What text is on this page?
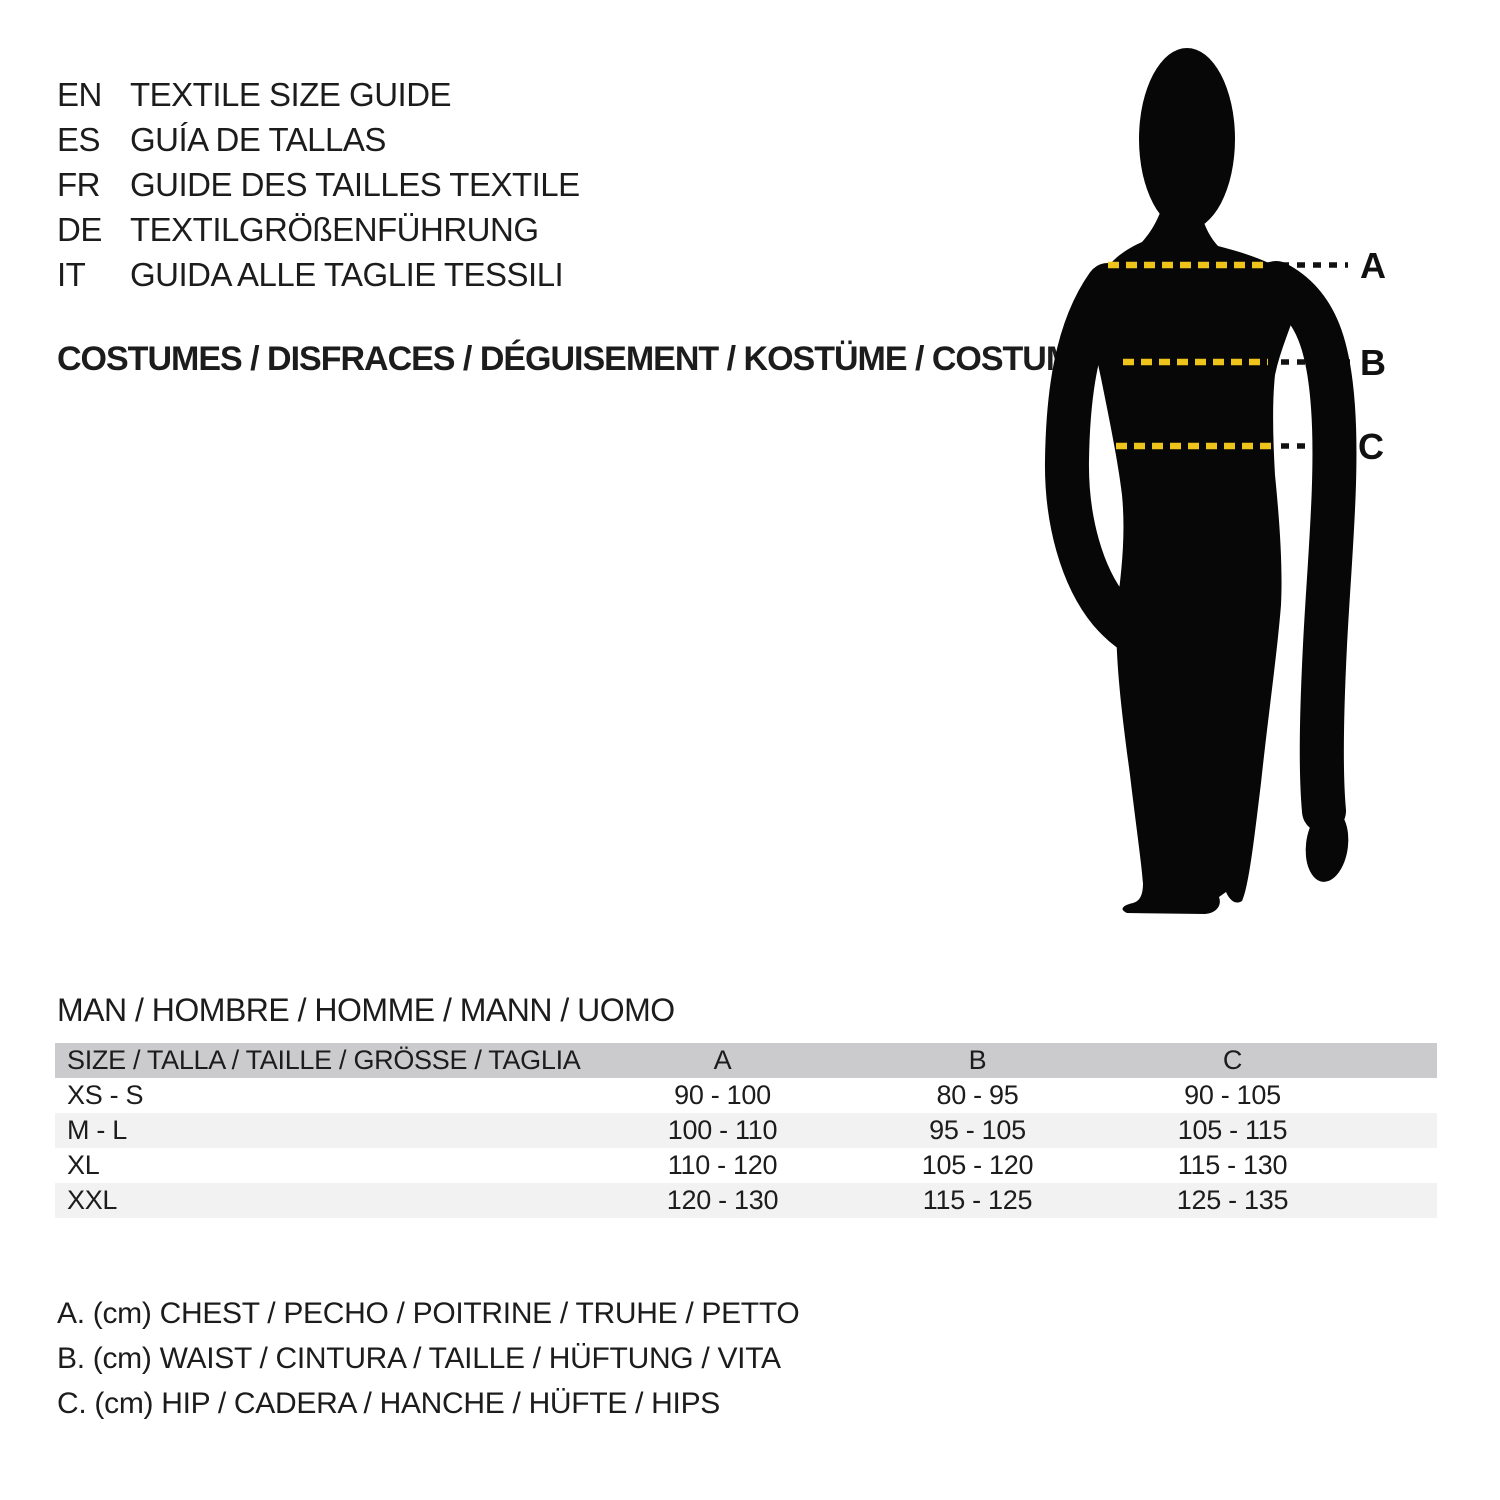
EN TEXTILE SIZE GUIDE
ES GUÍA DE TALLAS
FR GUIDE DES TAILLES TEXTILE
DE TEXTILGRÖßENFÜHRUNG
IT	GUIDA ALLE TAGLIE TESSILI
COSTUMES / DISFRACES / DÉGUISEMENT / KOSTÜME / COSTUMI
A
B
C
MAN / HOMBRE / HOMME / MANN / UOMO
SIZE / TALLA / TAILLE / GRÖSSE / TAGLIA	A	B	C
XS - S	90 - 100	80 - 95	90 - 105
M - L	100 - 110	95 - 105	105 - 115
XL	110 - 120	105 - 120	115 - 130
XXL	120 - 130	115 - 125	125 - 135
A. (cm) CHEST / PECHO / POITRINE / TRUHE / PETTO
B. (cm) WAIST / CINTURA / TAILLE / HÜFTUNG / VITA
C. (cm) HIP / CADERA / HANCHE / HÜFTE / HIPS
